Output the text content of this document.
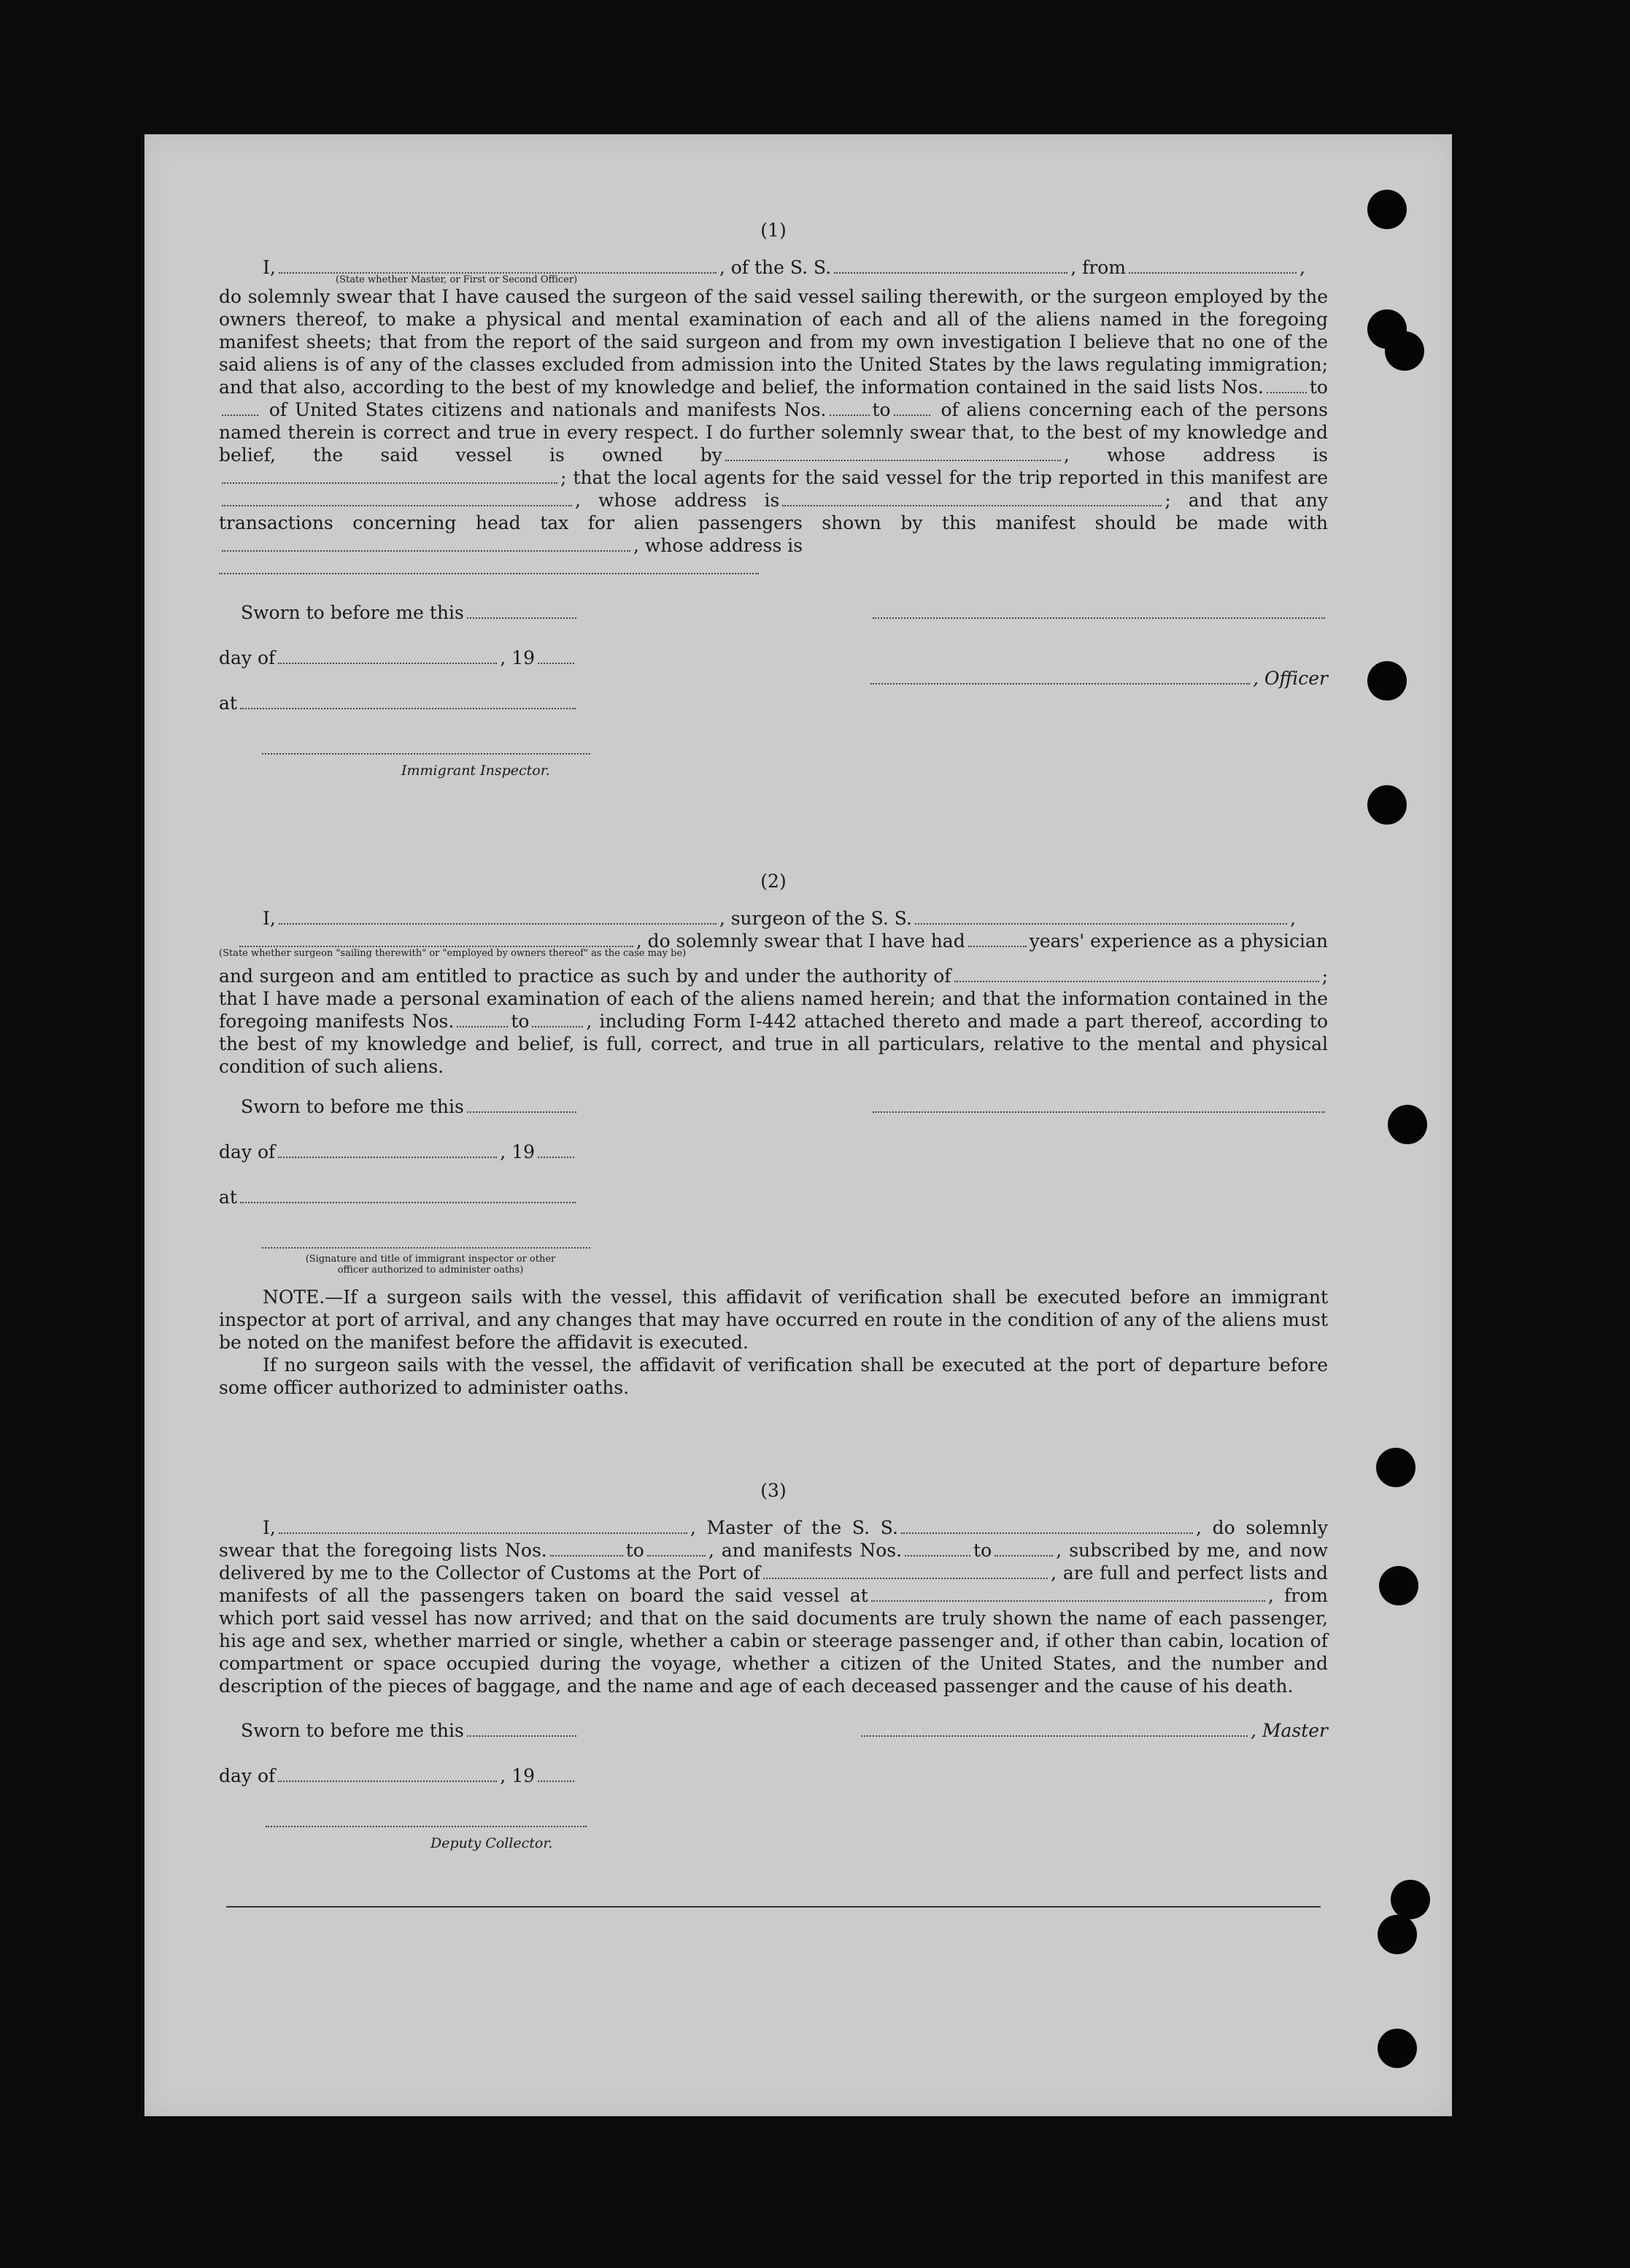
(1)
I,	, of the S. S.	, from	,
(State whether Master, or First or Second Officer)
do solemnly swear that I have caused the surgeon of the said vessel sailing therewith, or the surgeon employed by the owners thereof, to make a physical and mental examination of each and all of the aliens named in the foregoing manifest sheets; that from the report of the said surgeon and from my own investigation I believe that no one of the said aliens is of any of the classes excluded from admission into the United States by the laws regulating immigration; and that also, according to the best of my knowledge and belief, the information contained in the said lists Nos.	to of United States citizens and nationals and manifests Nos.	to	of aliens concerning each of the persons named therein is correct and true in every respect. I do further solemnly swear that, to the best of my knowledge and belief, the said vessel is owned by	, whose address is; that the local agents for the said vessel for the trip reported in this manifest are, whose address is	; and that any transactions concerning head tax for alien passengers shown by this manifest should be made with, whose address is
Sworn to before me this
day of	, 19
, Officer
at
Immigrant Inspector.
(2)
I,	, surgeon of the S. S.	,
, do solemnly swear that I have had	years' experience as a physician
(State whether surgeon "sailing therewith" or "employed by owners thereof" as the case may be)
and surgeon and am entitled to practice as such by and under the authority of	; that I have made a personal examination of each of the aliens named herein; and that the information contained in the foregoing manifests Nos.	to	, including Form I-442 attached thereto and made a part thereof, according to the best of my knowledge and belief, is full, correct, and true in all particulars, relative to the mental and physical condition of such aliens.
Sworn to before me this
day of	, 19
at
(Signature and title of immigrant inspector or other officer authorized to administer oaths)
NOTE.—If a surgeon sails with the vessel, this affidavit of verification shall be executed before an immigrant inspector at port of arrival, and any changes that may have occurred en route in the condition of any of the aliens must be noted on the manifest before the affidavit is executed.
If no surgeon sails with the vessel, the affidavit of verification shall be executed at the port of departure before some officer authorized to administer oaths.
(3)
I,	, Master of the S. S.	, do solemnly swear that the foregoing lists Nos.	to	, and manifests Nos.	to	, subscribed by me, and now delivered by me to the Collector of Customs at the Port of	, are full and perfect lists and manifests of all the passengers taken on board the said vessel at	, from which port said vessel has now arrived; and that on the said documents are truly shown the name of each passenger, his age and sex, whether married or single, whether a cabin or steerage passenger and, if other than cabin, location of compartment or space occupied during the voyage, whether a citizen of the United States, and the number and description of the pieces of baggage, and the name and age of each deceased passenger and the cause of his death.
Sworn to before me this	, Master
day of	, 19
Deputy Collector.
